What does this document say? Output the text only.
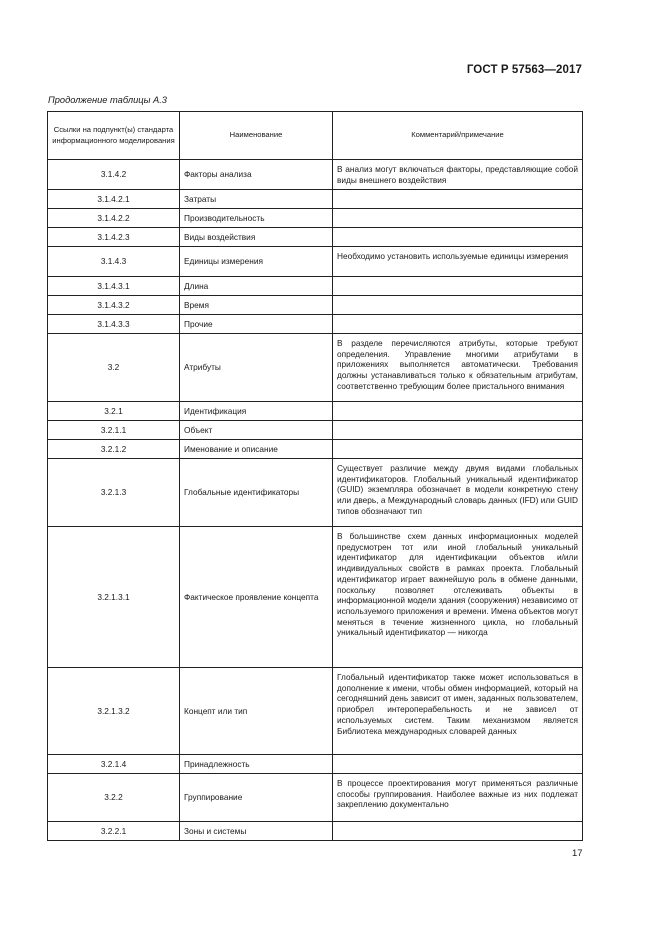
ГОСТ Р 57563—2017
Продолжение таблицы А.3
Ссылки на подпункт(ы) стандарта информационного моделирования	Наименование	Комментарий/примечание
3.1.4.2	Факторы анализа	В анализ могут включаться факторы, представляющие собой виды внешнего воздействия
3.1.4.2.1	Затраты	
3.1.4.2.2	Производительность	
3.1.4.2.3	Виды воздействия	
3.1.4.3	Единицы измерения	Необходимо установить используемые единицы измерения
3.1.4.3.1	Длина	
3.1.4.3.2	Время	
3.1.4.3.3	Прочие	
3.2	Атрибуты	В разделе перечисляются атрибуты, которые требуют определения. Управление многими атрибутами в приложениях выполняется автоматически. Требования должны устанавливаться только к обязательным атрибутам, соответственно требующим более пристального внимания
3.2.1	Идентификация	
3.2.1.1	Объект	
3.2.1.2	Именование и описание	
3.2.1.3	Глобальные идентификаторы	Существует различие между двумя видами глобальных идентификаторов. Глобальный уникальный идентификатор (GUID) экземпляра обозначает в модели конкретную стену или дверь, а Международный словарь данных (IFD) или GUID типов обозначают тип
3.2.1.3.1	Фактическое проявление концепта	В большинстве схем данных информационных моделей предусмотрен тот или иной глобальный уникальный идентификатор для идентификации объектов и/или индивидуальных свойств в рамках проекта. Глобальный идентификатор играет важнейшую роль в обмене данными, поскольку позволяет отслеживать объекты в информационной модели здания (сооружения) независимо от используемого приложения и времени. Имена объектов могут меняться в течение жизненного цикла, но глобальный уникальный идентификатор — никогда
3.2.1.3.2	Концепт или тип	Глобальный идентификатор также может использоваться в дополнение к имени, чтобы обмен информацией, который на сегодняшний день зависит от имен, заданных пользователем, приобрел интероперабельность и не зависел от используемых систем. Таким механизмом является Библиотека международных словарей данных
3.2.1.4	Принадлежность	
3.2.2	Группирование	В процессе проектирования могут применяться различные способы группирования. Наиболее важные из них подлежат закреплению документально
3.2.2.1	Зоны и системы	
17
